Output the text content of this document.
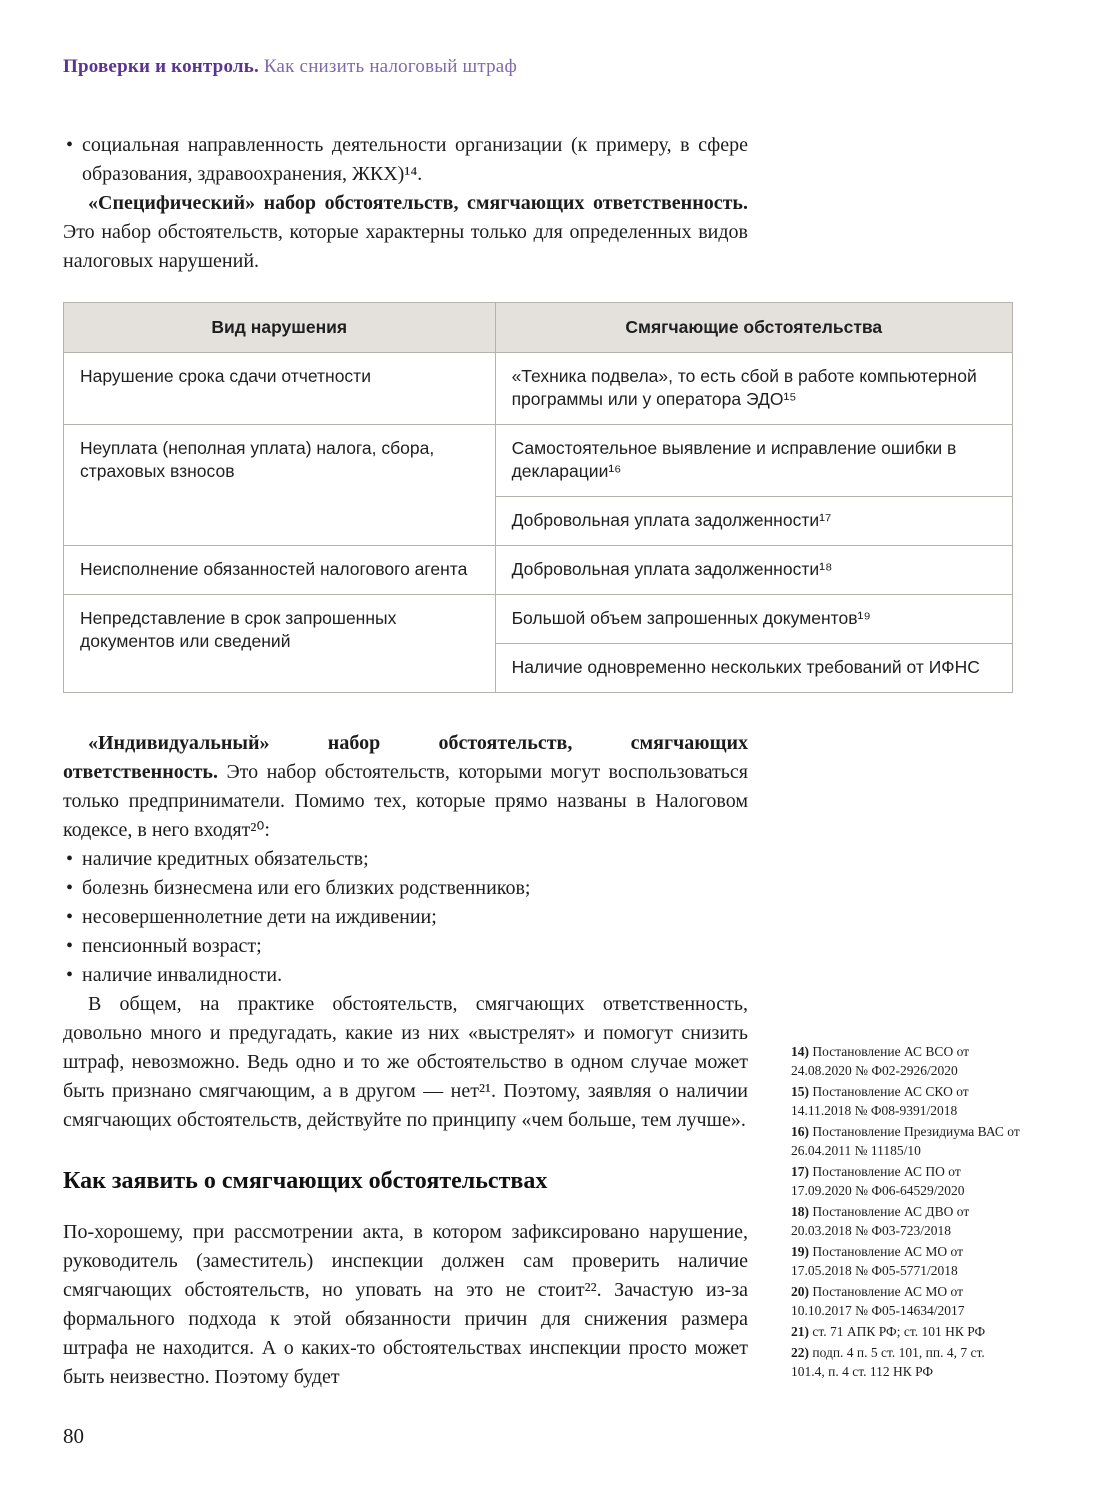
Проверки и контроль. Как снизить налоговый штраф
• социальная направленность деятельности организации (к примеру, в сфере образования, здравоохранения, ЖКХ)¹⁴.

«Специфический» набор обстоятельств, смягчающих ответственность. Это набор обстоятельств, которые характерны только для определенных видов налоговых нарушений.

Вид нарушения	Смягчающие обстоятельства
Нарушение срока сдачи отчетности	«Техника подвела», то есть сбой в работе компьютерной программы или у оператора ЭДО¹⁵
Неуплата (неполная уплата) налога, сбора, страховых взносов	Самостоятельное выявление и исправление ошибки в декларации¹⁶
	Добровольная уплата задолженности¹⁷
Неисполнение обязанностей налогового агента	Добровольная уплата задолженности¹⁸
Непредставление в срок запрошенных документов или сведений	Большой объем запрошенных документов¹⁹
	Наличие одновременно нескольких требований от ИФНС

«Индивидуальный» набор обстоятельств, смягчающих ответственность. Это набор обстоятельств, которыми могут воспользоваться только предприниматели. Помимо тех, которые прямо названы в Налоговом кодексе, в него входят²⁰:

• наличие кредитных обязательств;
• болезнь бизнесмена или его близких родственников;
• несовершеннолетние дети на иждивении;
• пенсионный возраст;
• наличие инвалидности.

В общем, на практике обстоятельств, смягчающих ответственность, довольно много и предугадать, какие из них «выстрелят» и помогут снизить штраф, невозможно. Ведь одно и то же обстоятельство в одном случае может быть признано смягчающим, а в другом — нет²¹. Поэтому, заявляя о наличии смягчающих обстоятельств, действуйте по принципу «чем больше, тем лучше».

Как заявить о смягчающих обстоятельствах

По-хорошему, при рассмотрении акта, в котором зафиксировано нарушение, руководитель (заместитель) инспекции должен сам проверить наличие смягчающих обстоятельств, но уповать на это не стоит²². Зачастую из-за формального подхода к этой обязанности причин для снижения размера штрафа не находится. А о каких-то обстоятельствах инспекции просто может быть неизвестно. Поэтому будет

14) Постановление АС ВСО от 24.08.2020 № Ф02-2926/2020
15) Постановление АС СКО от 14.11.2018 № Ф08-9391/2018
16) Постановление Президиума ВАС от 26.04.2011 № 11185/10
17) Постановление АС ПО от 17.09.2020 № Ф06-64529/2020
18) Постановление АС ДВО от 20.03.2018 № Ф03-723/2018
19) Постановление АС МО от 17.05.2018 № Ф05-5771/2018
20) Постановление АС МО от 10.10.2017 № Ф05-14634/2017
21) ст. 71 АПК РФ; ст. 101 НК РФ
22) подп. 4 п. 5 ст. 101, пп. 4, 7 ст. 101.4, п. 4 ст. 112 НК РФ
80
